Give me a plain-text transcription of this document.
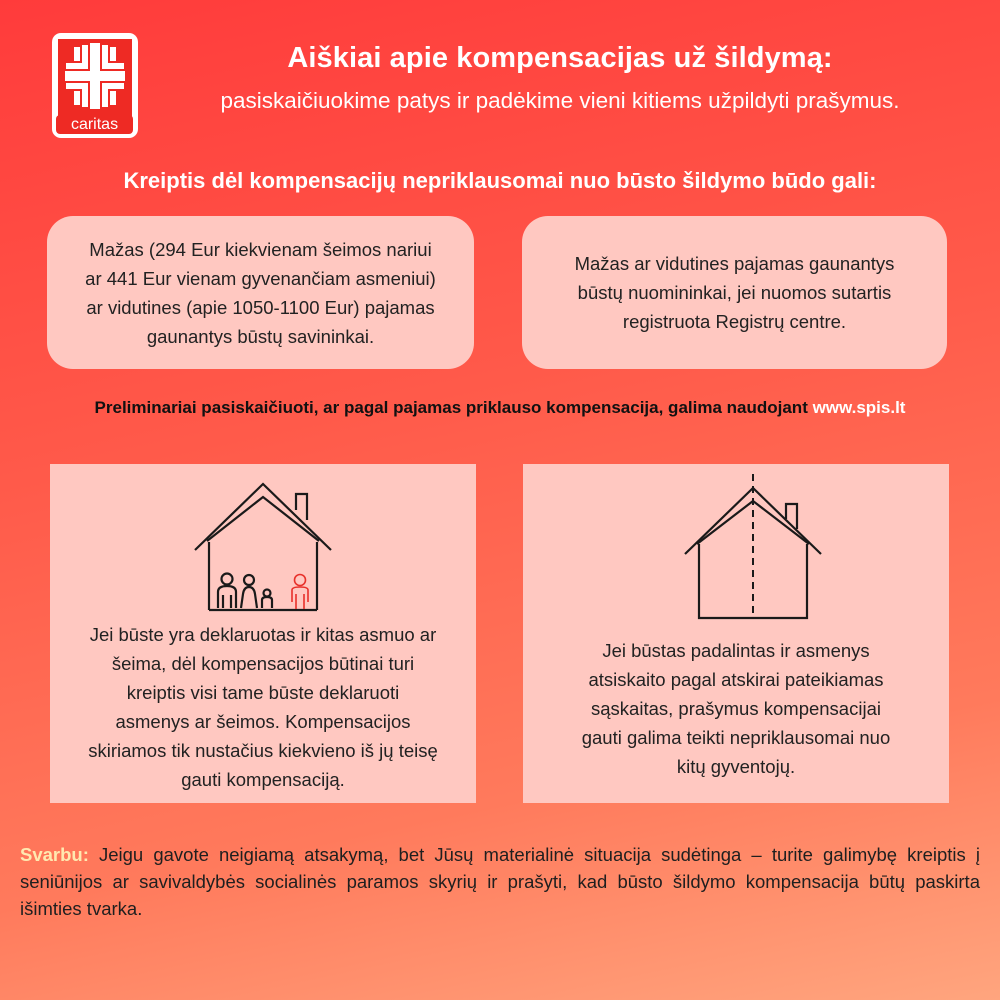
caritas
Aiškiai apie kompensacijas už šildymą:
pasiskaičiuokime patys ir padėkime vieni kitiems užpildyti prašymus.
Kreiptis dėl kompensacijų nepriklausomai nuo būsto šildymo būdo gali:
Mažas (294 Eur kiekvienam šeimos nariui
ar 441 Eur vienam gyvenančiam asmeniui)
ar vidutines (apie 1050-1100 Eur) pajamas
gaunantys būstų savininkai.
Mažas ar vidutines pajamas gaunantys
būstų nuomininkai, jei nuomos sutartis
registruota Registrų centre.
Preliminariai pasiskaičiuoti, ar pagal pajamas priklauso kompensacija, galima naudojant www.spis.lt
Jei būste yra deklaruotas ir kitas asmuo ar
šeima, dėl kompensacijos būtinai turi
kreiptis visi tame būste deklaruoti
asmenys ar šeimos. Kompensacijos
skiriamos tik nustačius kiekvieno iš jų teisę
gauti kompensaciją.
Jei būstas padalintas ir asmenys
atsiskaito pagal atskirai pateikiamas
sąskaitas, prašymus kompensacijai
gauti galima teikti nepriklausomai nuo
kitų gyventojų.
Svarbu: Jeigu gavote neigiamą atsakymą, bet Jūsų materialinė situacija sudėtinga – turite galimybę kreiptis į seniūnijos ar savivaldybės socialinės paramos skyrių ir prašyti, kad būsto šildymo kompensacija būtų paskirta išimties tvarka.
